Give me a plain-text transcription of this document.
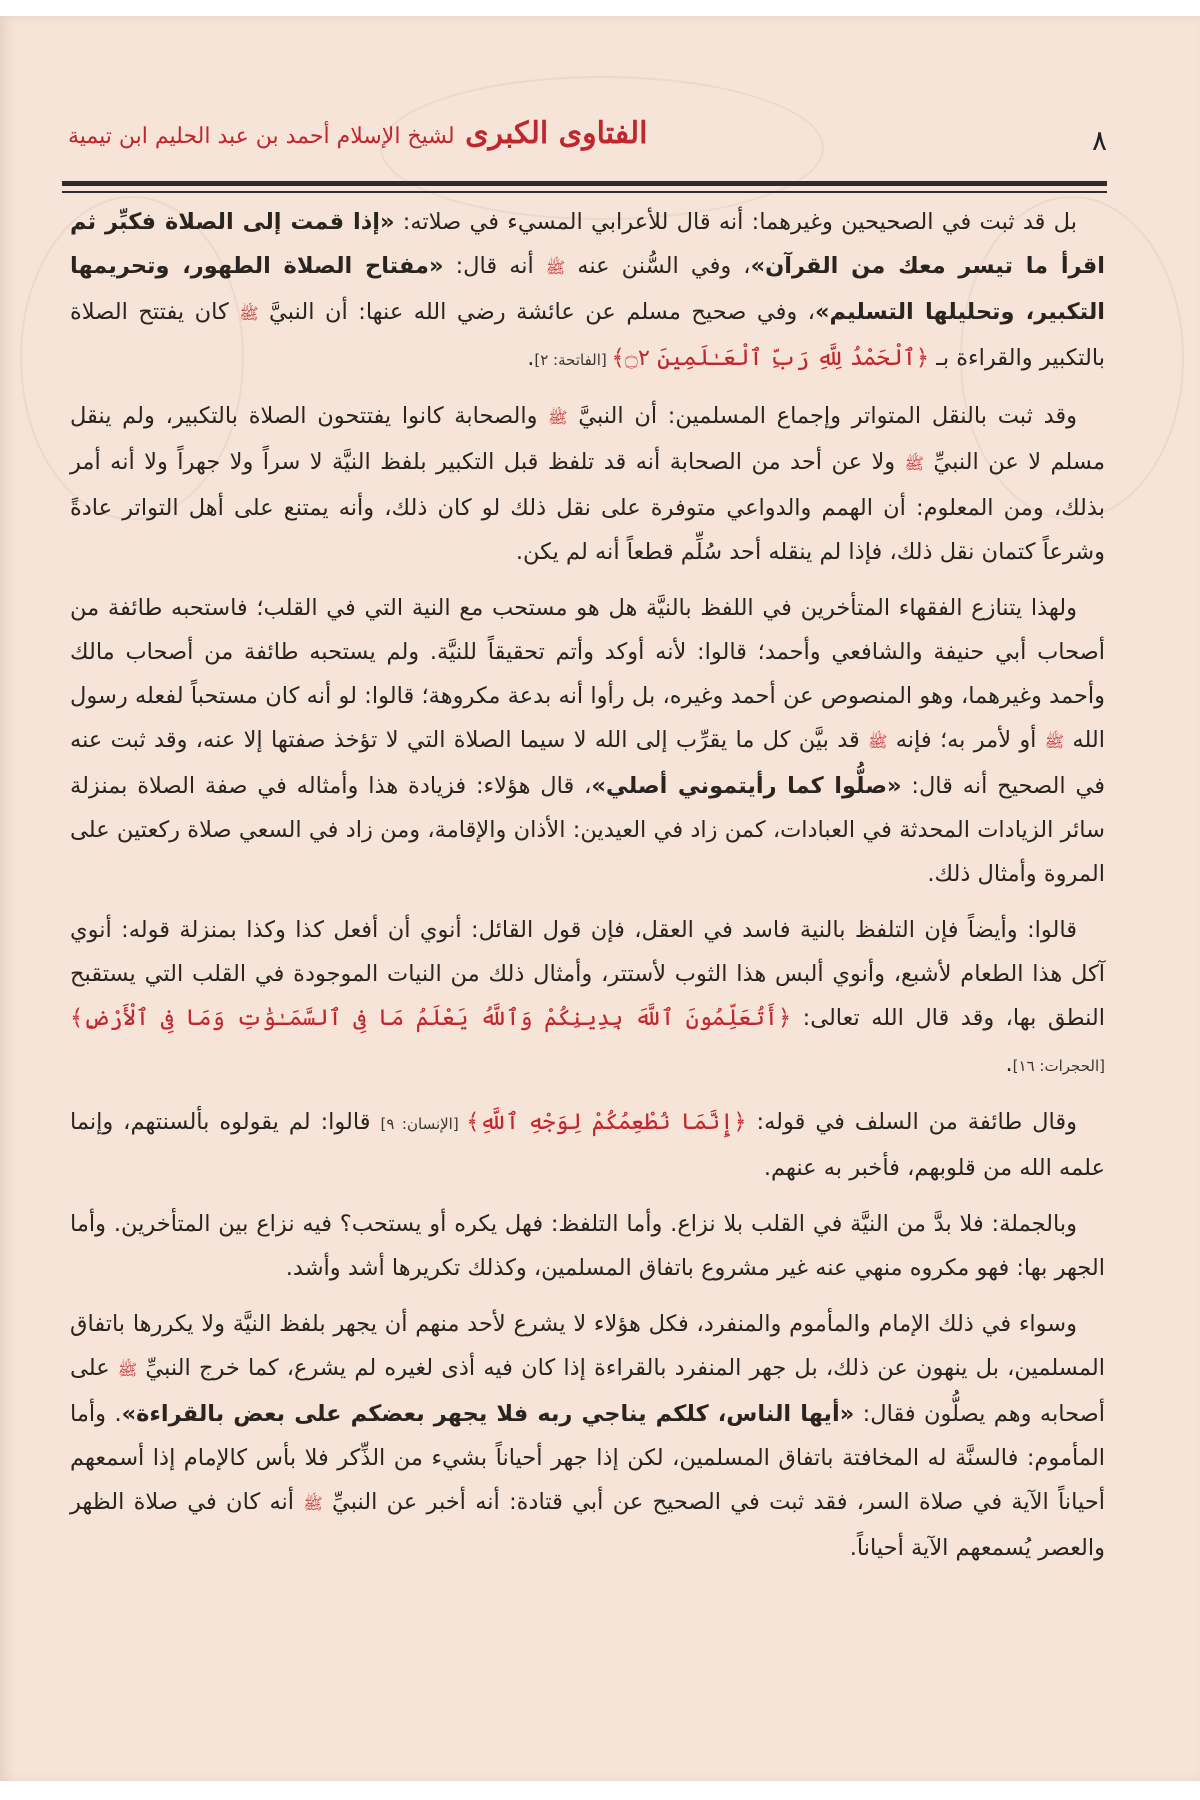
٨
الفتاوى الكبرى لشيخ الإسلام أحمد بن عبد الحليم ابن تيمية

بل قد ثبت في الصحيحين وغيرهما: أنه قال للأعرابي المسيء في صلاته: «إذا قمت إلى الصلاة فكبِّر ثم اقرأ ما تيسر معك من القرآن»، وفي السُّنن عنه ﷺ أنه قال: «مفتاح الصلاة الطهور، وتحريمها التكبير، وتحليلها التسليم»، وفي صحيح مسلم عن عائشة رضي الله عنها: أن النبيَّ ﷺ كان يفتتح الصلاة بالتكبير والقراءة بـ ﴿ٱلْحَمْدُ لِلَّهِ رَبِّ ٱلْعَـٰلَمِينَ ۝٢﴾ [الفاتحة: ٢].

وقد ثبت بالنقل المتواتر وإجماع المسلمين: أن النبيَّ ﷺ والصحابة كانوا يفتتحون الصلاة بالتكبير، ولم ينقل مسلم لا عن النبيِّ ﷺ ولا عن أحد من الصحابة أنه قد تلفظ قبل التكبير بلفظ النيَّة لا سراً ولا جهراً ولا أنه أمر بذلك، ومن المعلوم: أن الهمم والدواعي متوفرة على نقل ذلك لو كان ذلك، وأنه يمتنع على أهل التواتر عادةً وشرعاً كتمان نقل ذلك، فإذا لم ينقله أحد سُلِّم قطعاً أنه لم يكن.

ولهذا يتنازع الفقهاء المتأخرين في اللفظ بالنيَّة هل هو مستحب مع النية التي في القلب؛ فاستحبه طائفة من أصحاب أبي حنيفة والشافعي وأحمد؛ قالوا: لأنه أوكد وأتم تحقيقاً للنيَّة. ولم يستحبه طائفة من أصحاب مالك وأحمد وغيرهما، وهو المنصوص عن أحمد وغيره، بل رأوا أنه بدعة مكروهة؛ قالوا: لو أنه كان مستحباً لفعله رسول الله ﷺ أو لأمر به؛ فإنه ﷺ قد بيَّن كل ما يقرِّب إلى الله لا سيما الصلاة التي لا تؤخذ صفتها إلا عنه، وقد ثبت عنه في الصحيح أنه قال: «صلُّوا كما رأيتموني أصلي»، قال هؤلاء: فزيادة هذا وأمثاله في صفة الصلاة بمنزلة سائر الزيادات المحدثة في العبادات، كمن زاد في العيدين: الأذان والإقامة، ومن زاد في السعي صلاة ركعتين على المروة وأمثال ذلك.

قالوا: وأيضاً فإن التلفظ بالنية فاسد في العقل، فإن قول القائل: أنوي أن أفعل كذا وكذا بمنزلة قوله: أنوي آكل هذا الطعام لأشبع، وأنوي ألبس هذا الثوب لأستتر، وأمثال ذلك من النيات الموجودة في القلب التي يستقبح النطق بها، وقد قال الله تعالى: ﴿أَتُعَلِّمُونَ ٱللَّهَ بِدِينِكُمْ وَٱللَّهُ يَعْلَمُ مَا فِى ٱلسَّمَـٰوَٰتِ وَمَا فِى ٱلْأَرْضِ﴾ [الحجرات: ١٦].

وقال طائفة من السلف في قوله: ﴿إِنَّمَا نُطْعِمُكُمْ لِوَجْهِ ٱللَّهِ﴾ [الإنسان: ٩] قالوا: لم يقولوه بألسنتهم، وإنما علمه الله من قلوبهم، فأخبر به عنهم.

وبالجملة: فلا بدَّ من النيَّة في القلب بلا نزاع. وأما التلفظ: فهل يكره أو يستحب؟ فيه نزاع بين المتأخرين. وأما الجهر بها: فهو مكروه منهي عنه غير مشروع باتفاق المسلمين، وكذلك تكريرها أشد وأشد.

وسواء في ذلك الإمام والمأموم والمنفرد، فكل هؤلاء لا يشرع لأحد منهم أن يجهر بلفظ النيَّة ولا يكررها باتفاق المسلمين، بل ينهون عن ذلك، بل جهر المنفرد بالقراءة إذا كان فيه أذى لغيره لم يشرع، كما خرج النبيِّ ﷺ على أصحابه وهم يصلُّون فقال: «أيها الناس، كلكم يناجي ربه فلا يجهر بعضكم على بعض بالقراءة». وأما المأموم: فالسنَّة له المخافتة باتفاق المسلمين، لكن إذا جهر أحياناً بشيء من الذِّكر فلا بأس كالإمام إذا أسمعهم أحياناً الآية في صلاة السر، فقد ثبت في الصحيح عن أبي قتادة: أنه أخبر عن النبيِّ ﷺ أنه كان في صلاة الظهر والعصر يُسمعهم الآية أحياناً.
